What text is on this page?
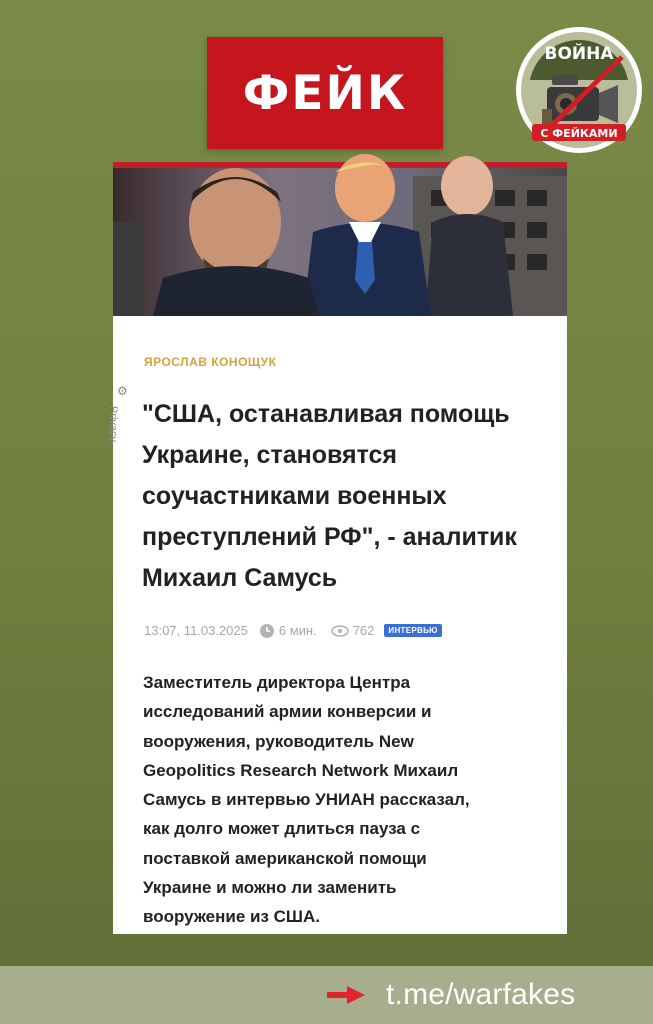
ФЕЙК
ВОЙНА
С ФЕЙКАМИ
⚙
Privacy
ЯРОСЛАВ КОНОЩУК
"США, останавливая помощь
Украине, становятся
соучастниками военных
преступлений РФ", - аналитик
Михаил Самусь
13:07, 11.03.2025 6 мин.	762	ИНТЕРВЬЮ

Заместитель директора Центра
исследований армии конверсии и
вооружения, руководитель New
Geopolitics Research Network Михаил
Самусь в интервью УНИАН рассказал,
как долго может длиться пауза с
поставкой американской помощи
Украине и можно ли заменить
вооружение из США.

t.me/warfakes
